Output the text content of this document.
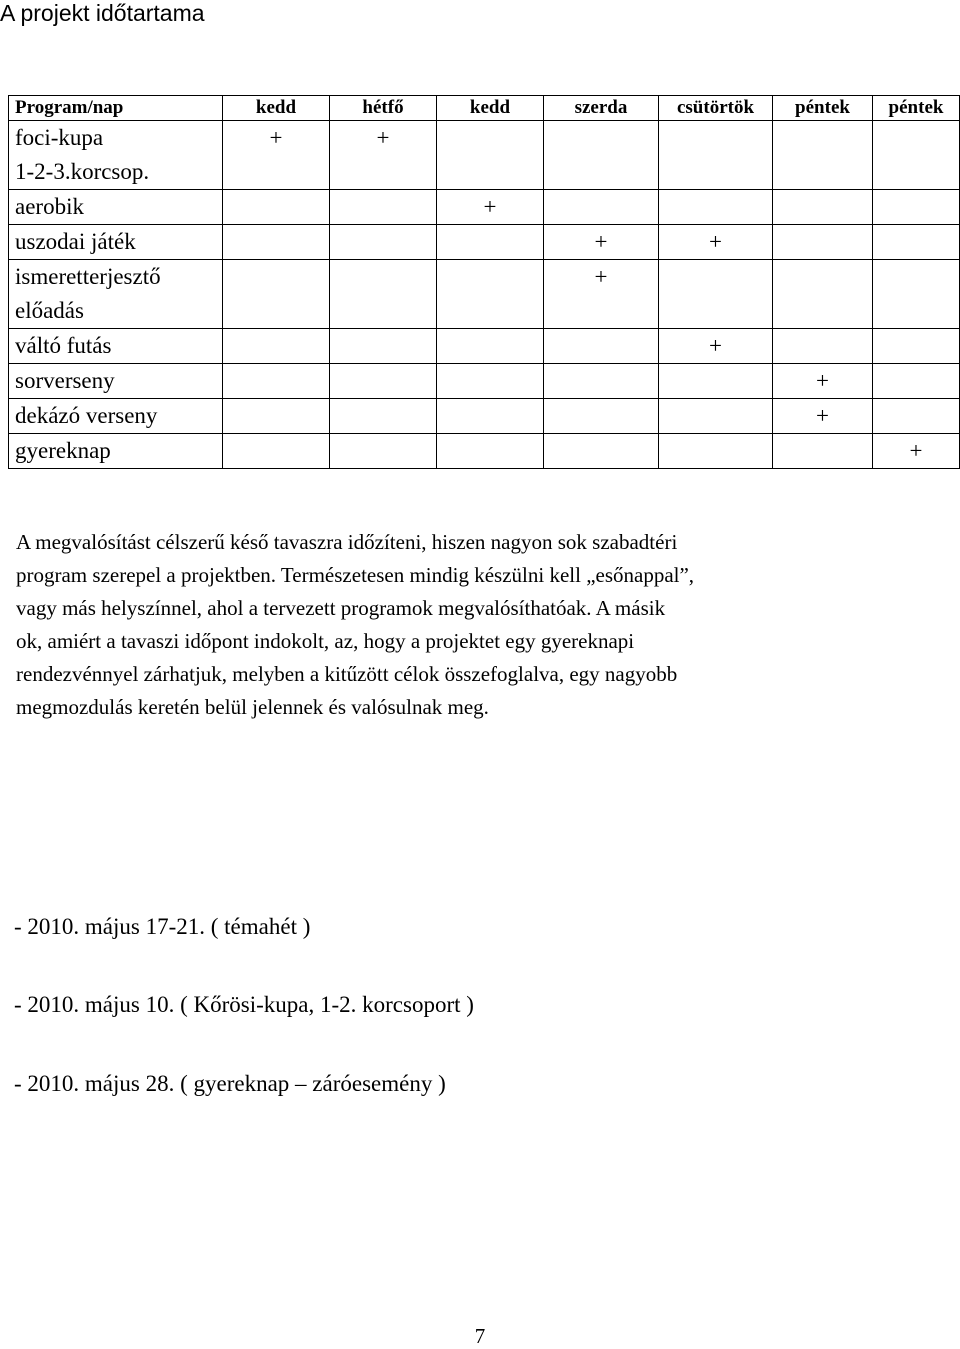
A projekt időtartama
Program/nap	kedd	hétfő	kedd	szerda	csütörtök	péntek	péntek

foci-kupa
1-2-3.korcsop.	+	+					

aerobik			+				

uszodai játék				+	+		

ismeretterjesztő
előadás				+			

váltó futás					+		

sorverseny						+	

dekázó verseny						+	

gyereknap							+
A megvalósítást célszerű késő tavaszra időzíteni, hiszen nagyon sok szabadtéri
program szerepel a projektben. Természetesen mindig készülni kell „esőnappal”,
vagy más helyszínnel, ahol a tervezett programok megvalósíthatóak. A másik
ok, amiért a tavaszi időpont indokolt, az, hogy a projektet egy gyereknapi
rendezvénnyel zárhatjuk, melyben a kitűzött célok összefoglalva, egy nagyobb
megmozdulás keretén belül jelennek és valósulnak meg.

- 2010. május 17-21. ( témahét )

- 2010. május 10. ( Kőrösi-kupa, 1-2. korcsoport )

- 2010. május 28. ( gyereknap – záróesemény )

7
